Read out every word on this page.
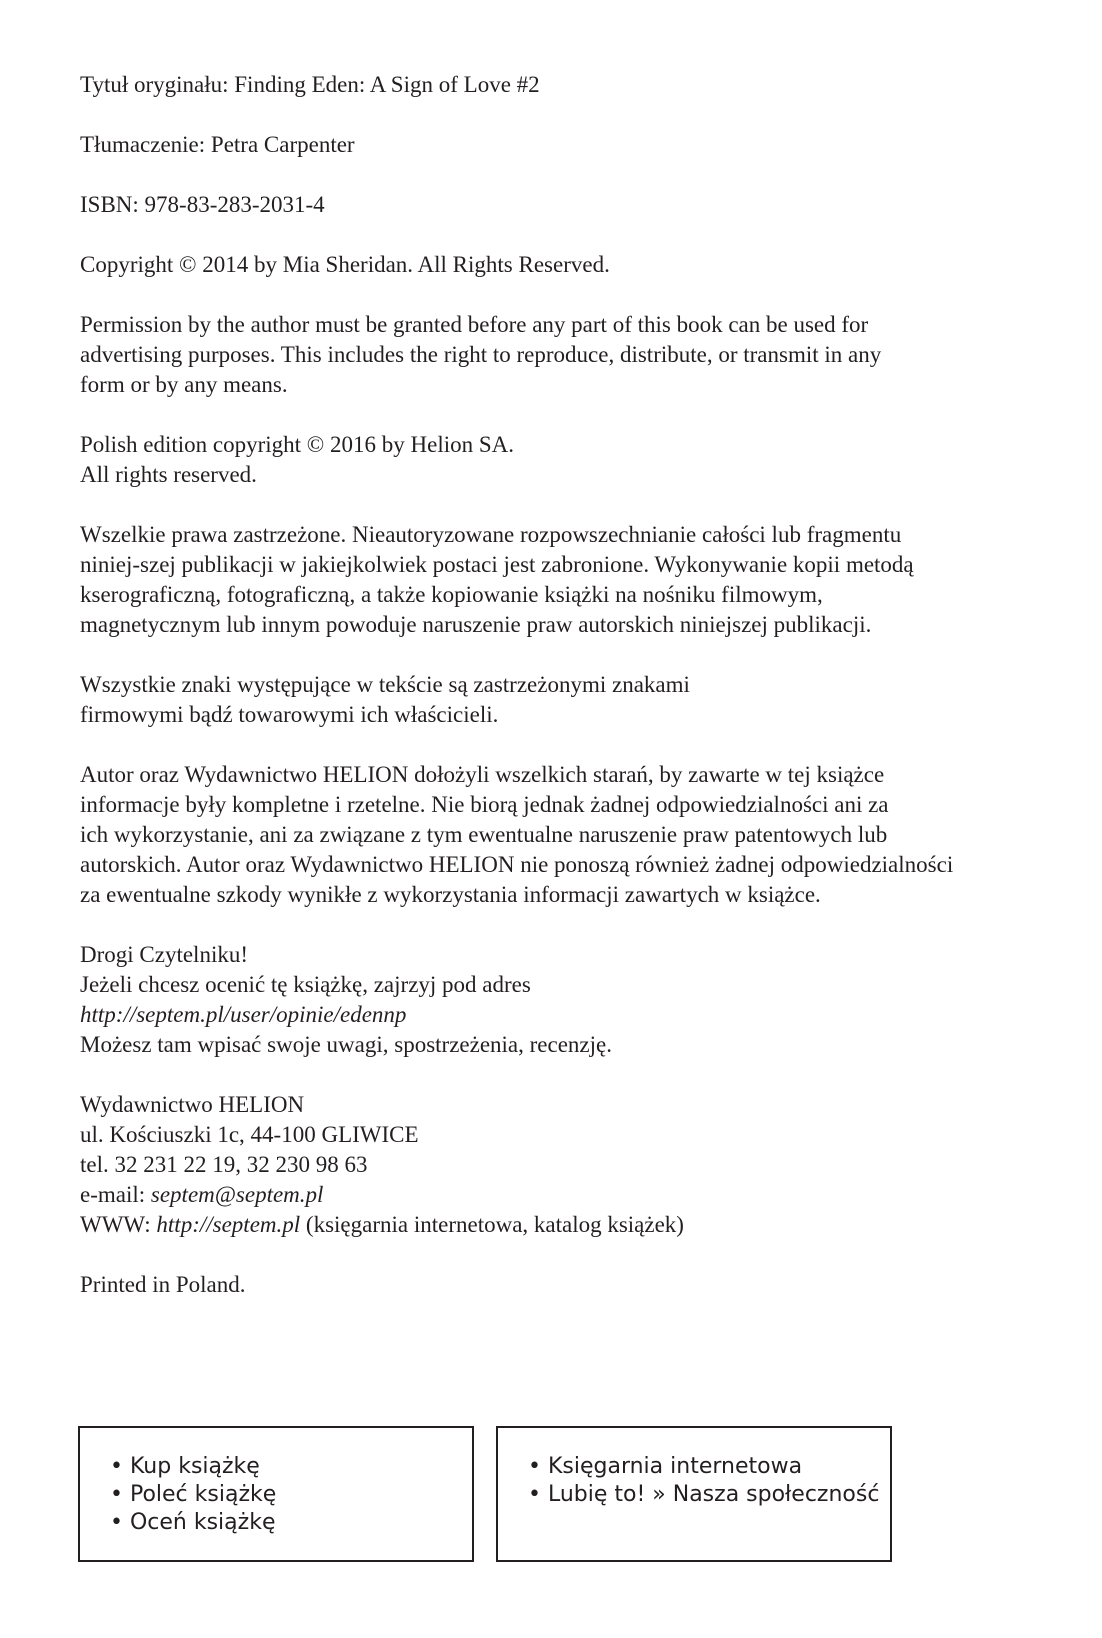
Tytuł oryginału: Finding Eden: A Sign of Love #2

Tłumaczenie: Petra Carpenter

ISBN: 978-83-283-2031-4

Copyright © 2014 by Mia Sheridan. All Rights Reserved.

Permission by the author must be granted before any part of this book can be used for
advertising purposes. This includes the right to reproduce, distribute, or transmit in any
form or by any means.

Polish edition copyright © 2016 by Helion SA.
All rights reserved.

Wszelkie prawa zastrzeżone. Nieautoryzowane rozpowszechnianie całości lub fragmentu
niniej-szej publikacji w jakiejkolwiek postaci jest zabronione. Wykonywanie kopii metodą
kserograficzną, fotograficzną, a także kopiowanie książki na nośniku filmowym,
magnetycznym lub innym powoduje naruszenie praw autorskich niniejszej publikacji.

Wszystkie znaki występujące w tekście są zastrzeżonymi znakami
firmowymi bądź towarowymi ich właścicieli.

Autor oraz Wydawnictwo HELION dołożyli wszelkich starań, by zawarte w tej książce
informacje były kompletne i rzetelne. Nie biorą jednak żadnej odpowiedzialności ani za
ich wykorzystanie, ani za związane z tym ewentualne naruszenie praw patentowych lub
autorskich. Autor oraz Wydawnictwo HELION nie ponoszą również żadnej odpowiedzialności
za ewentualne szkody wynikłe z wykorzystania informacji zawartych w książce.

Drogi Czytelniku!
Jeżeli chcesz ocenić tę książkę, zajrzyj pod adres
http://septem.pl/user/opinie/edennp
Możesz tam wpisać swoje uwagi, spostrzeżenia, recenzję.

Wydawnictwo HELION
ul. Kościuszki 1c, 44-100 GLIWICE
tel. 32 231 22 19, 32 230 98 63
e-mail: septem@septem.pl
WWW: http://septem.pl (księgarnia internetowa, katalog książek)

Printed in Poland.

• Kup książkę
• Poleć książkę
• Oceń książkę
• Księgarnia internetowa
• Lubię to! » Nasza społeczność
